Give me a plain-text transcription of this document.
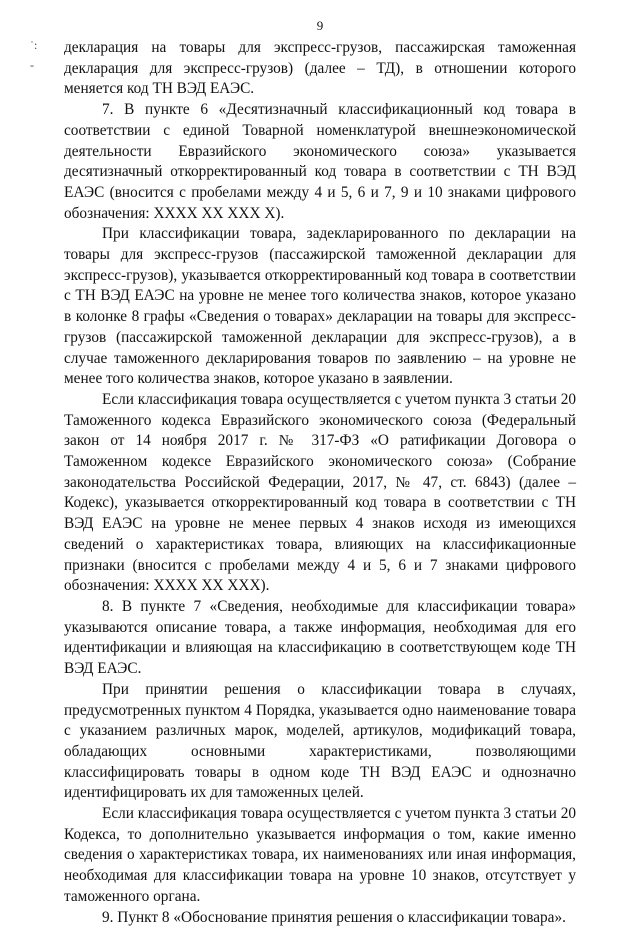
9
˙:
-

декларация на товары для экспресс-грузов, пассажирская таможенная декларация для экспресс-грузов) (далее – ТД), в отношении которого меняется код ТН ВЭД ЕАЭС.

7. В пункте 6 «Десятизначный классификационный код товара в соответствии с единой Товарной номенклатурой внешнеэкономической деятельности Евразийского экономического союза» указывается десятизначный откорректированный код товара в соответствии с ТН ВЭД ЕАЭС (вносится с пробелами между 4 и 5, 6 и 7, 9 и 10 знаками цифрового обозначения: ХХХХ ХХ ХХХ Х).

При классификации товара, задекларированного по декларации на товары для экспресс-грузов (пассажирской таможенной декларации для экспресс-грузов), указывается откорректированный код товара в соответствии с ТН ВЭД ЕАЭС на уровне не менее того количества знаков, которое указано в колонке 8 графы «Сведения о товарах» декларации на товары для экспресс-грузов (пассажирской таможенной декларации для экспресс-грузов), а в случае таможенного декларирования товаров по заявлению – на уровне не менее того количества знаков, которое указано в заявлении.

Если классификация товара осуществляется с учетом пункта 3 статьи 20 Таможенного кодекса Евразийского экономического союза (Федеральный закон от 14 ноября 2017 г. № 317-ФЗ «О ратификации Договора о Таможенном кодексе Евразийского экономического союза» (Собрание законодательства Российской Федерации, 2017, № 47, ст. 6843) (далее – Кодекс), указывается откорректированный код товара в соответствии с ТН ВЭД ЕАЭС на уровне не менее первых 4 знаков исходя из имеющихся сведений о характеристиках товара, влияющих на классификационные признаки (вносится с пробелами между 4 и 5, 6 и 7 знаками цифрового обозначения: ХХХХ ХХ ХХХ).

8. В пункте 7 «Сведения, необходимые для классификации товара» указываются описание товара, а также информация, необходимая для его идентификации и влияющая на классификацию в соответствующем коде ТН ВЭД ЕАЭС.

При принятии решения о классификации товара в случаях, предусмотренных пунктом 4 Порядка, указывается одно наименование товара с указанием различных марок, моделей, артикулов, модификаций товара, обладающих основными характеристиками, позволяющими классифицировать товары в одном коде ТН ВЭД ЕАЭС и однозначно идентифицировать их для таможенных целей.

Если классификация товара осуществляется с учетом пункта 3 статьи 20 Кодекса, то дополнительно указывается информация о том, какие именно сведения о характеристиках товара, их наименованиях или иная информация, необходимая для классификации товара на уровне 10 знаков, отсутствует у таможенного органа.

9. Пункт 8 «Обоснование принятия решения о классификации товара».
